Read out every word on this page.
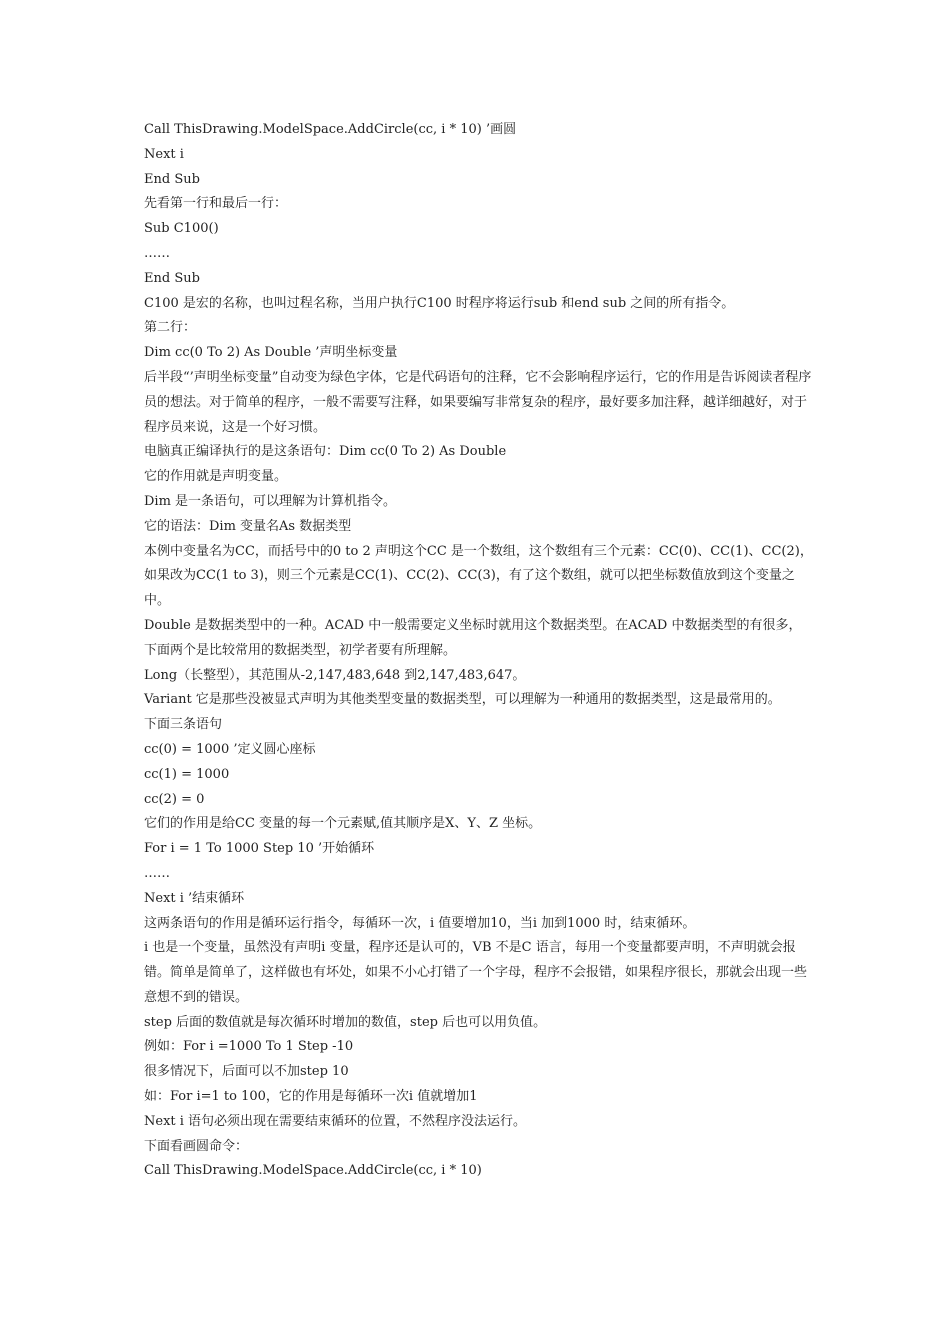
Call ThisDrawing.ModelSpace.AddCircle(cc, i * 10) ’画圆

Next i

End Sub

先看第一行和最后一行：

Sub C100()

……

End Sub

C100 是宏的名称，也叫过程名称，当用户执行C100 时程序将运行sub 和end sub 之间的所有指令。

第二行：

Dim cc(0 To 2) As Double ’声明坐标变量

后半段“’声明坐标变量”自动变为绿色字体，它是代码语句的注释，它不会影响程序运行，它的作用是告诉阅读者程序员的想法。对于简单的程序，一般不需要写注释，如果要编写非常复杂的程序，最好要多加注释，越详细越好，对于程序员来说，这是一个好习惯。

电脑真正编译执行的是这条语句：Dim cc(0 To 2) As Double

它的作用就是声明变量。

Dim 是一条语句，可以理解为计算机指令。

它的语法：Dim 变量名As 数据类型

本例中变量名为CC，而括号中的0 to 2 声明这个CC 是一个数组，这个数组有三个元素：CC(0)、CC(1)、CC(2)，如果改为CC(1 to 3)，则三个元素是CC(1)、CC(2)、CC(3)，有了这个数组，就可以把坐标数值放到这个变量之中。

Double 是数据类型中的一种。ACAD 中一般需要定义坐标时就用这个数据类型。在ACAD 中数据类型的有很多，下面两个是比较常用的数据类型，初学者要有所理解。

Long（长整型），其范围从-2,147,483,648 到2,147,483,647。

Variant 它是那些没被显式声明为其他类型变量的数据类型，可以理解为一种通用的数据类型，这是最常用的。

下面三条语句

cc(0) = 1000 ’定义圆心座标

cc(1) = 1000

cc(2) = 0

它们的作用是给CC 变量的每一个元素赋,值其顺序是X、Y、Z 坐标。

For i = 1 To 1000 Step 10 ’开始循环

……

Next i ’结束循环

这两条语句的作用是循环运行指令，每循环一次，i 值要增加10，当i 加到1000 时，结束循环。

i 也是一个变量，虽然没有声明i 变量，程序还是认可的，VB 不是C 语言，每用一个变量都要声明，不声明就会报错。简单是简单了，这样做也有坏处，如果不小心打错了一个字母，程序不会报错，如果程序很长，那就会出现一些意想不到的错误。

step 后面的数值就是每次循环时增加的数值，step 后也可以用负值。

例如：For i =1000 To 1 Step -10

很多情况下，后面可以不加step 10

如：For i=1 to 100，它的作用是每循环一次i 值就增加1

Next i 语句必须出现在需要结束循环的位置，不然程序没法运行。

下面看画圆命令：

Call ThisDrawing.ModelSpace.AddCircle(cc, i * 10)
